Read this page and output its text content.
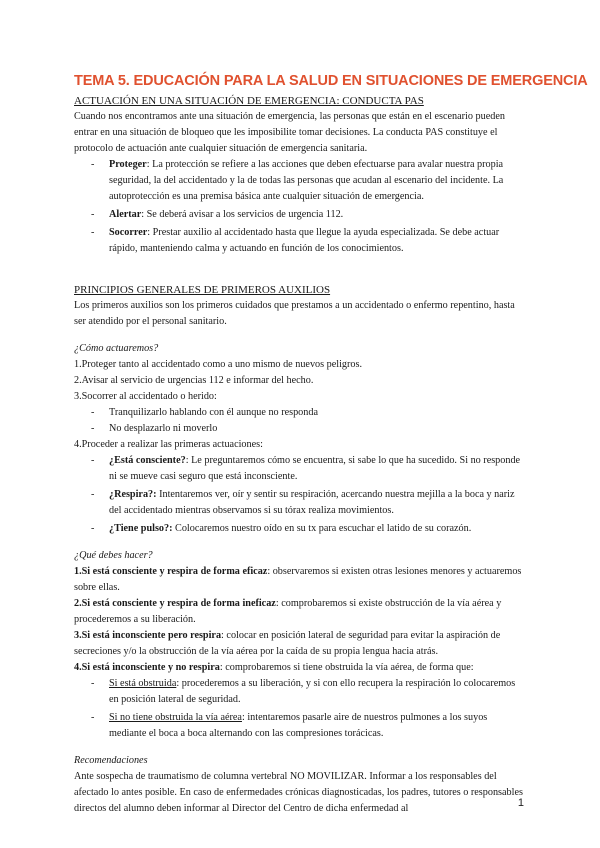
TEMA 5. EDUCACIÓN PARA LA SALUD EN SITUACIONES DE EMERGENCIA

ACTUACIÓN EN UNA SITUACIÓN DE EMERGENCIA: CONDUCTA PAS

Cuando nos encontramos ante una situación de emergencia, las personas que están en el escenario pueden entrar en una situación de bloqueo que les imposibilite tomar decisiones. La conducta PAS constituye el protocolo de actuación ante cualquier situación de emergencia sanitaria.

- Proteger: La protección se refiere a las acciones que deben efectuarse para avalar nuestra propia seguridad, la del accidentado y la de todas las personas que acudan al escenario del incidente. La autoprotección es una premisa básica ante cualquier situación de emergencia.
- Alertar: Se deberá avisar a los servicios de urgencia 112.
- Socorrer: Prestar auxilio al accidentado hasta que llegue la ayuda especializada. Se debe actuar rápido, manteniendo calma y actuando en función de los conocimientos.

PRINCIPIOS GENERALES DE PRIMEROS AUXILIOS

Los primeros auxilios son los primeros cuidados que prestamos a un accidentado o enfermo repentino, hasta ser atendido por el personal sanitario.

¿Cómo actuaremos?

1.Proteger tanto al accidentado como a uno mismo de nuevos peligros.

2.Avisar al servicio de urgencias 112 e informar del hecho.

3.Socorrer al accidentado o herido:

- Tranquilizarlo hablando con él aunque no responda
- No desplazarlo ni moverlo

4.Proceder a realizar las primeras actuaciones:

- ¿Está consciente?: Le preguntaremos cómo se encuentra, si sabe lo que ha sucedido. Si no responde ni se mueve casi seguro que está inconsciente.
- ¿Respira?: Intentaremos ver, oír y sentir su respiración, acercando nuestra mejilla a la boca y nariz del accidentado mientras observamos si su tórax realiza movimientos.
- ¿Tiene pulso?: Colocaremos nuestro oído en su tx para escuchar el latido de su corazón.

¿Qué debes hacer?

1.Si está consciente y respira de forma eficaz: observaremos si existen otras lesiones menores y actuaremos sobre ellas.

2.Si está consciente y respira de forma ineficaz: comprobaremos si existe obstrucción de la vía aérea y procederemos a su liberación.

3.Si está inconsciente pero respira: colocar en posición lateral de seguridad para evitar la aspiración de secreciones y/o la obstrucción de la vía aérea por la caída de su propia lengua hacia atrás.

4.Si está inconsciente y no respira: comprobaremos si tiene obstruida la vía aérea, de forma que:

- Si está obstruida: procederemos a su liberación, y si con ello recupera la respiración lo colocaremos en posición lateral de seguridad.
- Si no tiene obstruida la vía aérea: intentaremos pasarle aire de nuestros pulmones a los suyos mediante el boca a boca alternando con las compresiones torácicas.

Recomendaciones

Ante sospecha de traumatismo de columna vertebral NO MOVILIZAR. Informar a los responsables del afectado lo antes posible. En caso de enfermedades crónicas diagnosticadas, los padres, tutores o responsables directos del alumno deben informar al Director del Centro de dicha enfermedad al	1
